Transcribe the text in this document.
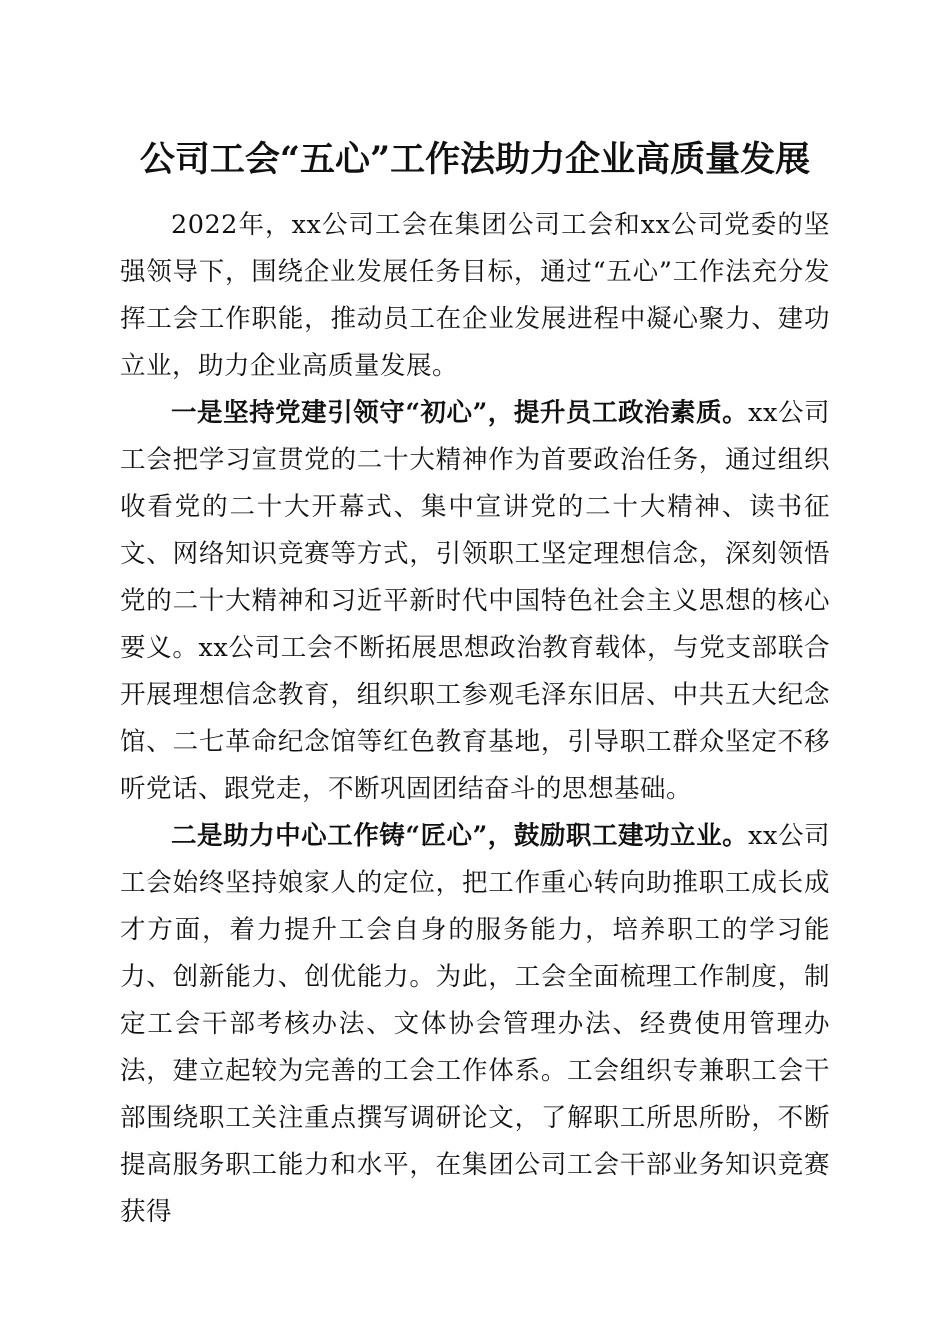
公司工会“五心”工作法助力企业高质量发展

2022年，xx公司工会在集团公司工会和xx公司党委的坚强领导下，围绕企业发展任务目标，通过“五心”工作法充分发挥工会工作职能，推动员工在企业发展进程中凝心聚力、建功立业，助力企业高质量发展。

一是坚持党建引领守“初心”，提升员工政治素质。xx公司工会把学习宣贯党的二十大精神作为首要政治任务，通过组织收看党的二十大开幕式、集中宣讲党的二十大精神、读书征文、网络知识竞赛等方式，引领职工坚定理想信念，深刻领悟党的二十大精神和习近平新时代中国特色社会主义思想的核心要义。xx公司工会不断拓展思想政治教育载体，与党支部联合开展理想信念教育，组织职工参观毛泽东旧居、中共五大纪念馆、二七革命纪念馆等红色教育基地，引导职工群众坚定不移听党话、跟党走，不断巩固团结奋斗的思想基础。

二是助力中心工作铸“匠心”，鼓励职工建功立业。xx公司工会始终坚持娘家人的定位，把工作重心转向助推职工成长成才方面，着力提升工会自身的服务能力，培养职工的学习能力、创新能力、创优能力。为此，工会全面梳理工作制度，制定工会干部考核办法、文体协会管理办法、经费使用管理办法，建立起较为完善的工会工作体系。工会组织专兼职工会干部围绕职工关注重点撰写调研论文，了解职工所思所盼，不断提高服务职工能力和水平，在集团公司工会干部业务知识竞赛获得
